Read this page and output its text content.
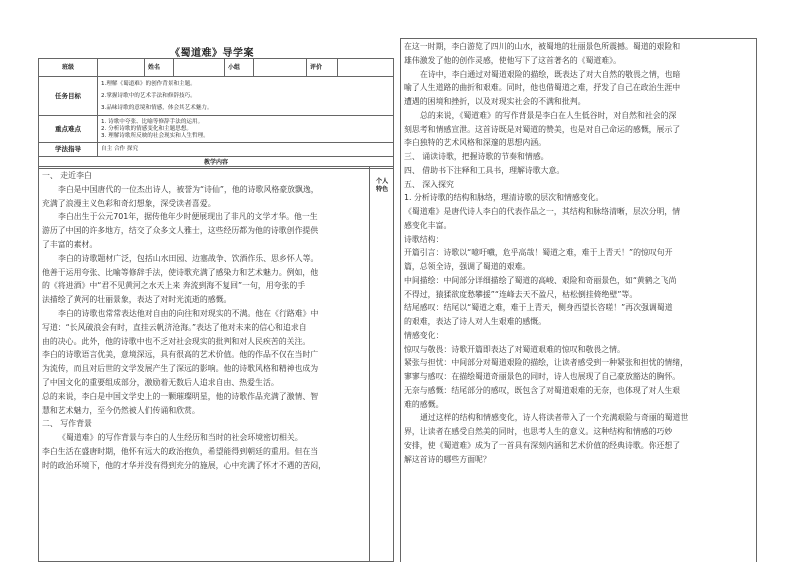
《蜀道难》导学案
班级		姓名		小组		评价	
任务目标	1.理解《蜀道难》的创作背景和主题。
2.掌握诗歌中的艺术手法和修辞技巧。
3.品味诗歌的意境和情感，体会其艺术魅力。

重点难点	1. 诗歌中夸张、比喻等修辞手法的运用。
2. 分析诗歌的情感变化和主题思想。
3. 理解诗歌所反映的社会现实和人生哲理。

学法指导	自主 合作 探究
教学内容	
个人特色

一、 走近李白

李白是中国唐代的一位杰出诗人，被誉为“诗仙”，他的诗歌风格豪放飘逸，

充满了浪漫主义色彩和奇幻想象，深受读者喜爱。

李白出生于公元701年，据传他年少时便展现出了非凡的文学才华。他一生

游历了中国的许多地方，结交了众多文人雅士，这些经历都为他的诗歌创作提供

了丰富的素材。

李白的诗歌题材广泛，包括山水田园、边塞战争、饮酒作乐、思乡怀人等。

他善于运用夸张、比喻等修辞手法，使诗歌充满了感染力和艺术魅力。例如，他

的《将进酒》中“君不见黄河之水天上来 奔流到海不复回”一句，用夸张的手

法描绘了黄河的壮丽景象，表达了对时光流逝的感慨。

李白的诗歌也常常表达他对自由的向往和对现实的不满。他在《行路难》中

写道：“长风破浪会有时，直挂云帆济沧海。”表达了他对未来的信心和追求自

由的决心。此外，他的诗歌中也不乏对社会现实的批判和对人民疾苦的关注。

李白的诗歌语言优美，意境深远，具有很高的艺术价值。他的作品不仅在当时广

为流传，而且对后世的文学发展产生了深远的影响。他的诗歌风格和精神也成为

了中国文化的重要组成部分，激励着无数后人追求自由、热爱生活。

总的来说，李白是中国文学史上的一颗璀璨明星，他的诗歌作品充满了激情、智

慧和艺术魅力，至今仍然被人们传诵和欣赏。

二、 写作背景

《蜀道难》的写作背景与李白的人生经历和当时的社会环境密切相关。

李白生活在盛唐时期，他怀有远大的政治抱负，希望能得到朝廷的重用。但在当

时的政治环境下，他的才华并没有得到充分的施展，心中充满了怀才不遇的苦闷，

在这一时期，李白游览了四川的山水，被蜀地的壮丽景色所震撼。蜀道的艰险和

雄伟激发了他的创作灵感，使他写下了这首著名的《蜀道难》。

在诗中，李白通过对蜀道艰险的描绘，既表达了对大自然的敬畏之情，也暗

喻了人生道路的曲折和艰难。同时，他也借蜀道之难，抒发了自己在政治生涯中

遭遇的困境和挫折，以及对现实社会的不满和批判。

总的来说，《蜀道难》的写作背景是李白在人生低谷时，对自然和社会的深

刻思考和情感宣泄。这首诗既是对蜀道的赞美，也是对自己命运的感慨，展示了

李白独特的艺术风格和深邃的思想内涵。

三、 诵读诗歌，把握诗歌的节奏和情感。

四、 借助书下注释和工具书，理解诗歌大意。

五、 深入探究

1. 分析诗歌的结构和脉络，理清诗歌的层次和情感变化。

《蜀道难》是唐代诗人李白的代表作品之一，其结构和脉络清晰，层次分明，情

感变化丰富。

诗歌结构：

开篇引言：诗歌以“噫吁嚱，危乎高哉！蜀道之难，难于上青天！”的惊叹句开

篇，总领全诗，强调了蜀道的艰难。

中间描绘：中间部分详细描绘了蜀道的高峻、艰险和奇丽景色，如“黄鹤之飞尚

不得过，猿猱欲度愁攀援”“连峰去天不盈尺，枯松倒挂倚绝壁”等。

结尾感叹：结尾以“蜀道之难，难于上青天，侧身西望长咨嗟！”再次强调蜀道

的艰难，表达了诗人对人生艰难的感慨。

情感变化：

惊叹与敬畏：诗歌开篇即表达了对蜀道艰难的惊叹和敬畏之情。

紧张与担忧：中间部分对蜀道艰险的描绘，让读者感受到一种紧张和担忧的情绪，

寥寥与感叹：在描绘蜀道奇丽景色的同时，诗人也展现了自己豪放豁达的胸怀。

无奈与感慨：结尾部分的感叹，既包含了对蜀道艰难的无奈，也体现了对人生艰

难的感慨。

通过这样的结构和情感变化，诗人将读者带入了一个充满艰险与奇丽的蜀道世

界，让读者在感受自然美的同时，也思考人生的意义。这种结构和情感的巧妙

安排，使《蜀道难》成为了一首具有深刻内涵和艺术价值的经典诗歌。你还想了

解这首诗的哪些方面呢？
